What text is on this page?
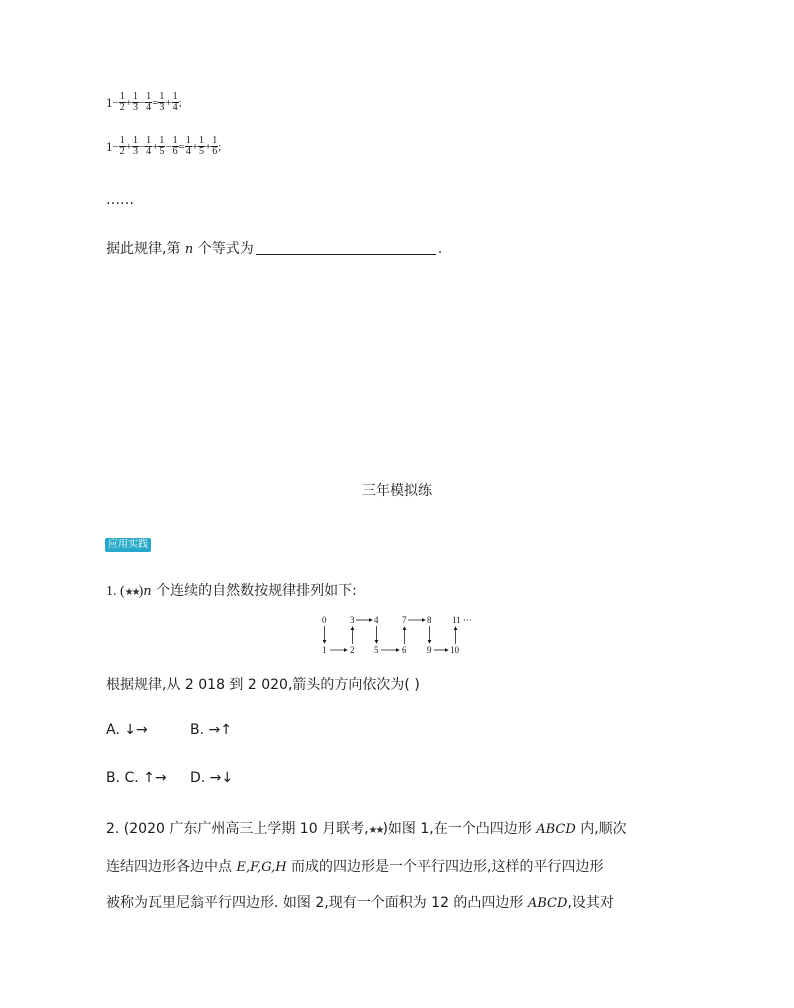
$1- \frac{1}{2} + \frac{1}{3} - \frac{1}{4} = \frac{1}{3} + \frac{1}{4}$ ;
$1- \frac{1}{2} + \frac{1}{3} - \frac{1}{4} + \frac{1}{5} - \frac{1}{6} = \frac{1}{4} + \frac{1}{5} + \frac{1}{6}$ ;
……
据此规律,第 n 个等式为	.
三年模拟练
应用实践
1. (★★)n 个连续的自然数按规律排列如下:
0	3 4	7 8 11 ···
1	2 5	6 9 10
根据规律,从 2 018 到 2 020,箭头的方向依次为( )
A. ↓→	B. →↑
B. C. ↑→ D. →↓
2. (2020 广东广州高三上学期 10 月联考,★★)如图 1,在一个凸四边形 ABCD 内,顺次
连结四边形各边中点 E,F,G,H 而成的四边形是一个平行四边形,这样的平行四边形
被称为瓦里尼翁平行四边形. 如图 2,现有一个面积为 12 的凸四边形 ABCD,设其对
